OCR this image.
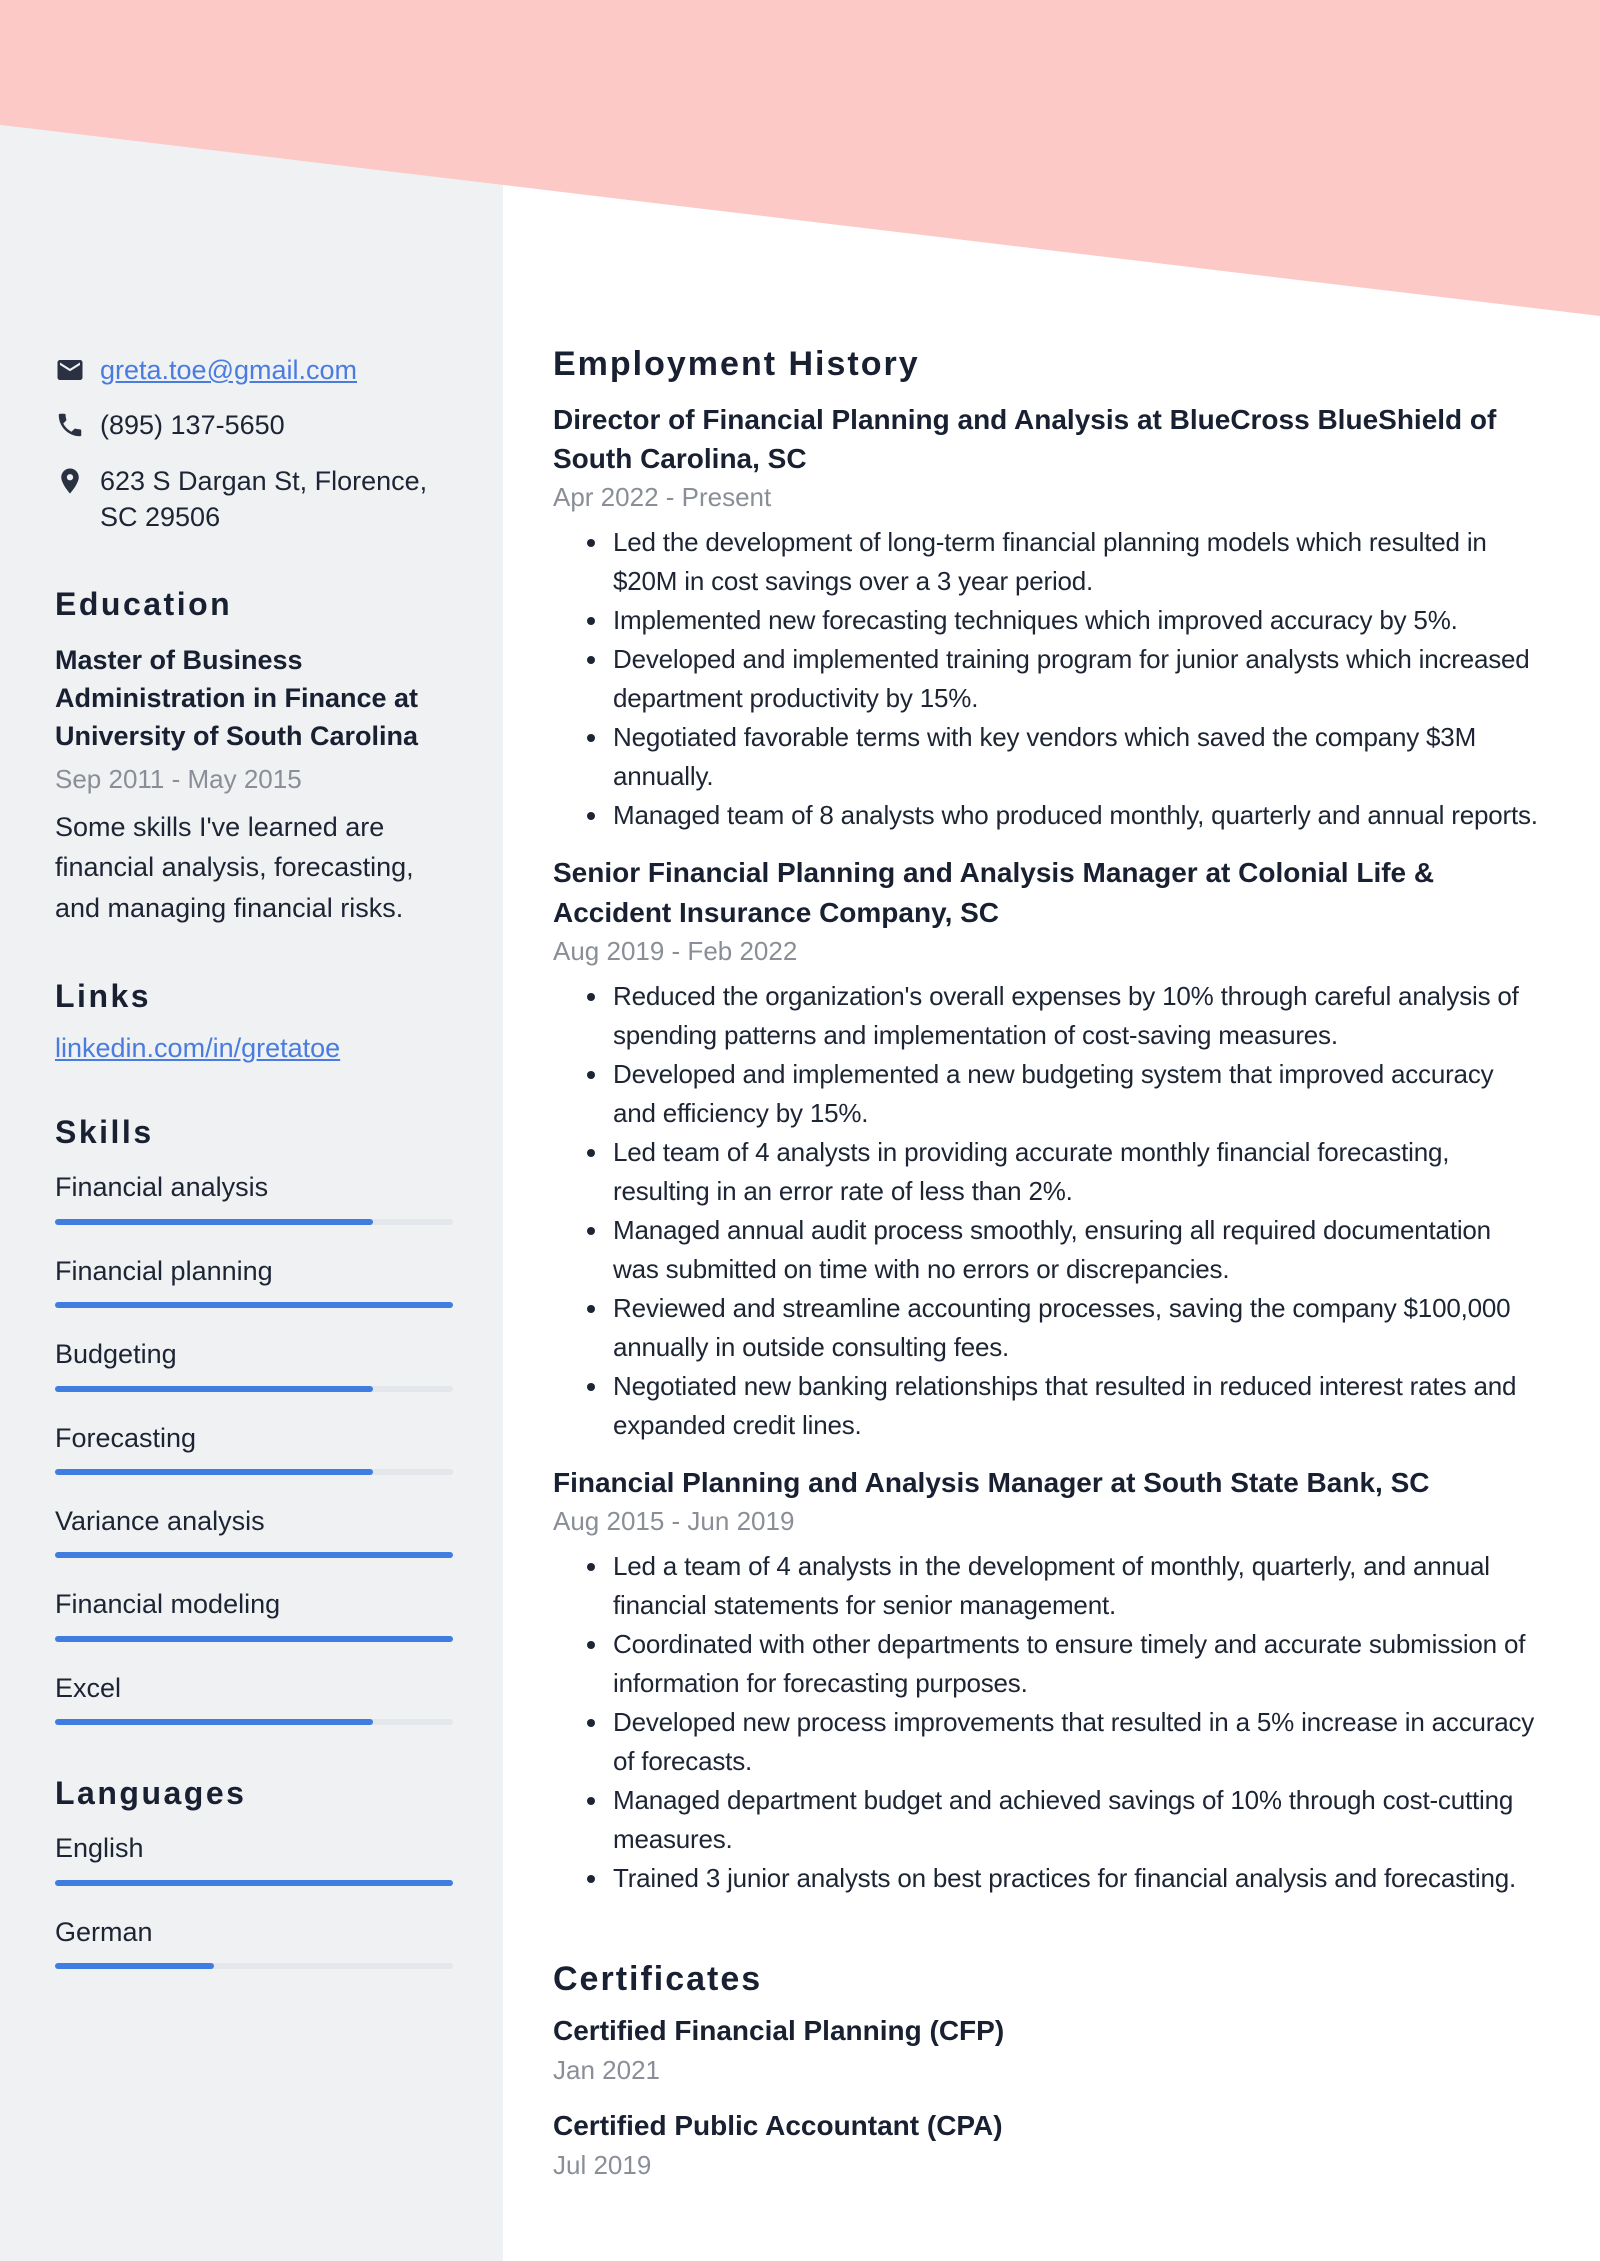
greta.toe@gmail.com
(895) 137-5650
623 S Dargan St, Florence, SC 29506
Education
Master of Business Administration in Finance at University of South Carolina
Sep 2011 - May 2015

Some skills I've learned are financial analysis, forecasting, and managing financial risks.

Links
linkedin.com/in/gretatoe
Skills
Financial analysis
Financial planning
Budgeting
Forecasting
Variance analysis
Financial modeling
Excel
Languages
English
German
Employment History
Director of Financial Planning and Analysis at BlueCross BlueShield of South Carolina, SC
Apr 2022 - Present
• Led the development of long-term financial planning models which resulted in $20M in cost savings over a 3 year period.
• Implemented new forecasting techniques which improved accuracy by 5%.
• Developed and implemented training program for junior analysts which increased department productivity by 15%.
• Negotiated favorable terms with key vendors which saved the company $3M annually.
• Managed team of 8 analysts who produced monthly, quarterly and annual reports.
Senior Financial Planning and Analysis Manager at Colonial Life & Accident Insurance Company, SC
Aug 2019 - Feb 2022
• Reduced the organization's overall expenses by 10% through careful analysis of spending patterns and implementation of cost-saving measures.
• Developed and implemented a new budgeting system that improved accuracy and efficiency by 15%.
• Led team of 4 analysts in providing accurate monthly financial forecasting, resulting in an error rate of less than 2%.
• Managed annual audit process smoothly, ensuring all required documentation was submitted on time with no errors or discrepancies.
• Reviewed and streamline accounting processes, saving the company $100,000 annually in outside consulting fees.
• Negotiated new banking relationships that resulted in reduced interest rates and expanded credit lines.
Financial Planning and Analysis Manager at South State Bank, SC
Aug 2015 - Jun 2019
• Led a team of 4 analysts in the development of monthly, quarterly, and annual financial statements for senior management.
• Coordinated with other departments to ensure timely and accurate submission of information for forecasting purposes.
• Developed new process improvements that resulted in a 5% increase in accuracy of forecasts.
• Managed department budget and achieved savings of 10% through cost-cutting measures.
• Trained 3 junior analysts on best practices for financial analysis and forecasting.
Certificates
Certified Financial Planning (CFP)
Jan 2021
Certified Public Accountant (CPA)
Jul 2019
